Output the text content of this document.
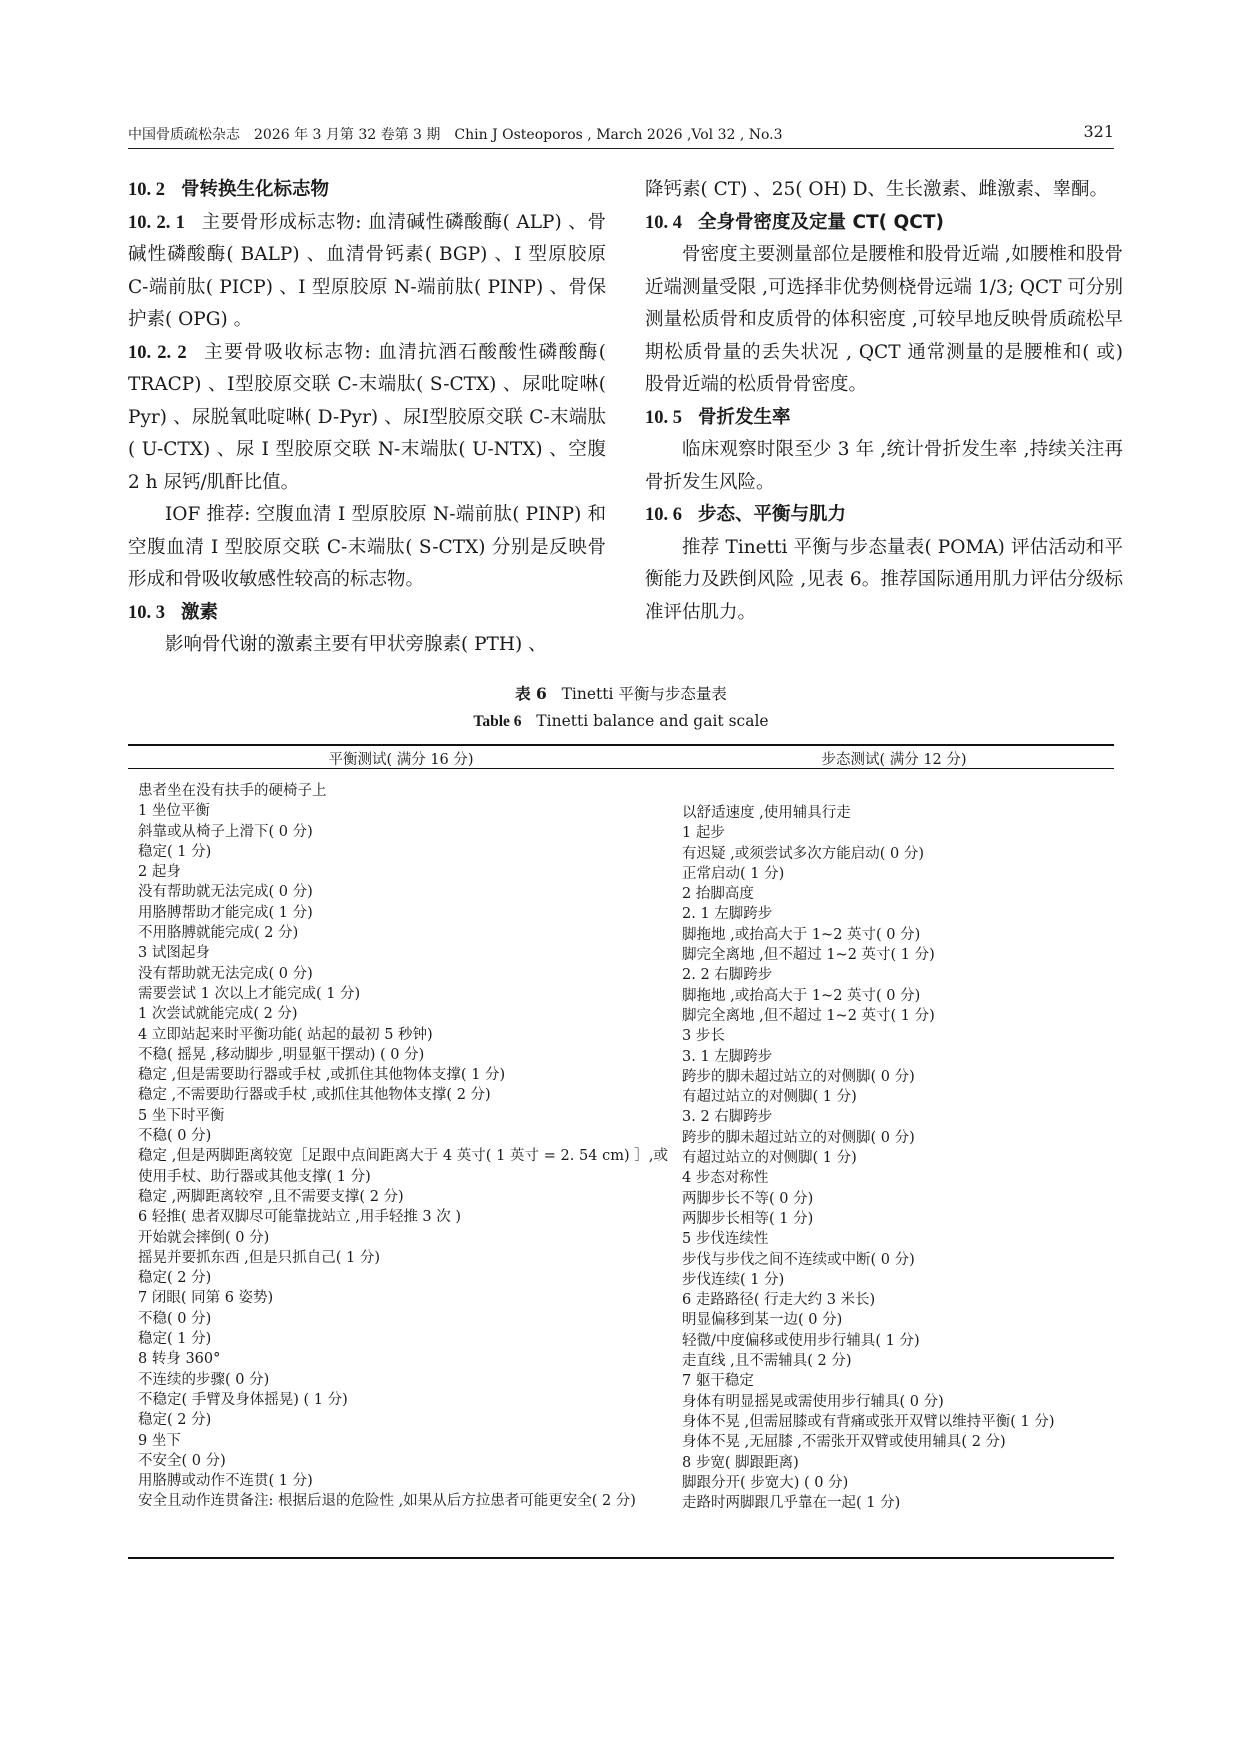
中国骨质疏松杂志　2026 年 3 月第 32 卷第 3 期　Chin J Osteoporos , March 2026 ,Vol 32 , No.3	321

10. 2 骨转换生化标志物

10. 2. 1 主要骨形成标志物: 血清碱性磷酸酶( ALP) 、骨碱性磷酸酶( BALP) 、血清骨钙素( BGP) 、I 型原胶原 C-端前肽( PICP) 、I 型原胶原 N-端前肽( PINP) 、骨保护素( OPG) 。

10. 2. 2 主要骨吸收标志物: 血清抗酒石酸酸性磷酸酶( TRACP) 、Ⅰ型胶原交联 C-末端肽( S-CTX) 、尿吡啶啉( Pyr) 、尿脱氧吡啶啉( D-Pyr) 、尿Ⅰ型胶原交联 C-末端肽( U-CTX) 、尿 I 型胶原交联 N-末端肽( U-NTX) 、空腹 2 h 尿钙/肌酐比值。

IOF 推荐: 空腹血清 I 型原胶原 N-端前肽( PINP) 和空腹血清 I 型胶原交联 C-末端肽( S-CTX) 分别是反映骨形成和骨吸收敏感性较高的标志物。

10. 3 激素

影响骨代谢的激素主要有甲状旁腺素( PTH) 、

降钙素( CT) 、25( OH) D、生长激素、雌激素、睾酮。

10. 4 全身骨密度及定量 CT( QCT)

骨密度主要测量部位是腰椎和股骨近端 ,如腰椎和股骨近端测量受限 ,可选择非优势侧桡骨远端 1/3; QCT 可分别测量松质骨和皮质骨的体积密度 ,可较早地反映骨质疏松早期松质骨量的丢失状况 , QCT 通常测量的是腰椎和( 或) 股骨近端的松质骨骨密度。

10. 5 骨折发生率

临床观察时限至少 3 年 ,统计骨折发生率 ,持续关注再骨折发生风险。

10. 6 步态、平衡与肌力

推荐 Tinetti 平衡与步态量表( POMA) 评估活动和平衡能力及跌倒风险 ,见表 6。推荐国际通用肌力评估分级标准评估肌力。

表 6 Tinetti 平衡与步态量表
Table 6 Tinetti balance and gait scale
平衡测试( 满分 16 分)	步态测试( 满分 12 分)
患者坐在没有扶手的硬椅子上
1 坐位平衡
斜靠或从椅子上滑下( 0 分)
稳定( 1 分)
2 起身
没有帮助就无法完成( 0 分)
用胳膊帮助才能完成( 1 分)
不用胳膊就能完成( 2 分)
3 试图起身
没有帮助就无法完成( 0 分)
需要尝试 1 次以上才能完成( 1 分)
1 次尝试就能完成( 2 分)
4 立即站起来时平衡功能( 站起的最初 5 秒钟)
不稳( 摇晃 ,移动脚步 ,明显躯干摆动) ( 0 分)
稳定 ,但是需要助行器或手杖 ,或抓住其他物体支撑( 1 分)
稳定 ,不需要助行器或手杖 ,或抓住其他物体支撑( 2 分)
5 坐下时平衡
不稳( 0 分)
稳定 ,但是两脚距离较宽［足跟中点间距离大于 4 英寸( 1 英寸 = 2. 54 cm) ］,或使用手杖、助行器或其他支撑( 1 分)
稳定 ,两脚距离较窄 ,且不需要支撑( 2 分)
6 轻推( 患者双脚尽可能靠拢站立 ,用手轻推 3 次 )
开始就会摔倒( 0 分)
摇晃并要抓东西 ,但是只抓自己( 1 分)
稳定( 2 分)
7 闭眼( 同第 6 姿势)
不稳( 0 分)
稳定( 1 分)
8 转身 360°
不连续的步骤( 0 分)
不稳定( 手臂及身体摇晃) ( 1 分)
稳定( 2 分)
9 坐下
不安全( 0 分)
用胳膊或动作不连贯( 1 分)
安全且动作连贯备注: 根据后退的危险性 ,如果从后方拉患者可能更安全( 2 分)
以舒适速度 ,使用辅具行走
1 起步
有迟疑 ,或须尝试多次方能启动( 0 分)
正常启动( 1 分)
2 抬脚高度
2. 1 左脚跨步
脚拖地 ,或抬高大于 1~2 英寸( 0 分)
脚完全离地 ,但不超过 1~2 英寸( 1 分)
2. 2 右脚跨步
脚拖地 ,或抬高大于 1~2 英寸( 0 分)
脚完全离地 ,但不超过 1~2 英寸( 1 分)
3 步长
3. 1 左脚跨步
跨步的脚未超过站立的对侧脚( 0 分)
有超过站立的对侧脚( 1 分)
3. 2 右脚跨步
跨步的脚未超过站立的对侧脚( 0 分)
有超过站立的对侧脚( 1 分)
4 步态对称性
两脚步长不等( 0 分)
两脚步长相等( 1 分)
5 步伐连续性
步伐与步伐之间不连续或中断( 0 分)
步伐连续( 1 分)
6 走路路径( 行走大约 3 米长)
明显偏移到某一边( 0 分)
轻微/中度偏移或使用步行辅具( 1 分)
走直线 ,且不需辅具( 2 分)
7 躯干稳定
身体有明显摇晃或需使用步行辅具( 0 分)
身体不晃 ,但需屈膝或有背痛或张开双臂以维持平衡( 1 分)
身体不晃 ,无屈膝 ,不需张开双臂或使用辅具( 2 分)
8 步宽( 脚跟距离)
脚跟分开( 步宽大) ( 0 分)
走路时两脚跟几乎靠在一起( 1 分)
